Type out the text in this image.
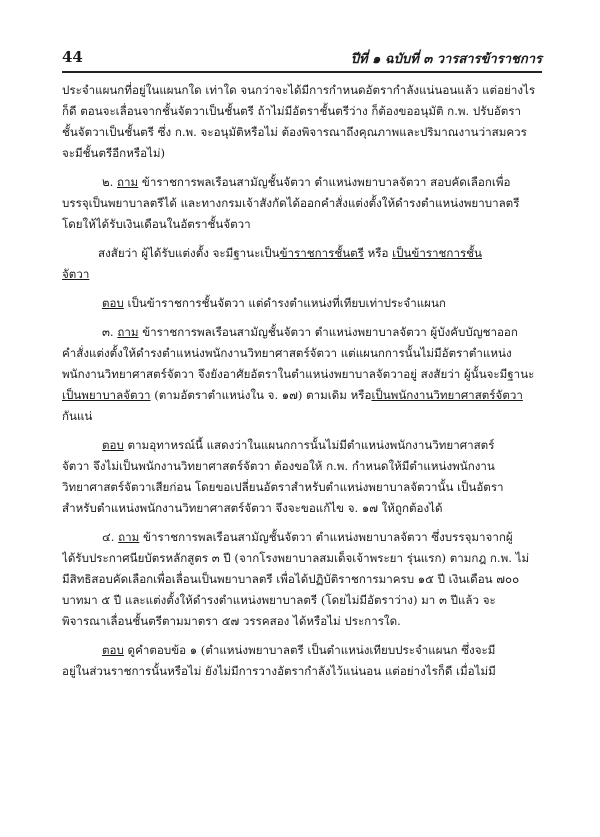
44	ปีที่ ๑ ฉบับที่ ๓ วารสารข้าราชการ
ประจำแผนกที่อยู่ในแผนกใด เท่าใด จนกว่าจะได้มีการกำหนดอัตรากำลังแน่นอนแล้ว แต่อย่างไร
ก็ดี ตอนจะเลื่อนจากชั้นจัตวาเป็นชั้นตรี ถ้าไม่มีอัตราชั้นตรีว่าง ก็ต้องขออนุมัติ ก.พ. ปรับอัตรา
ชั้นจัตวาเป็นชั้นตรี ซึ่ง ก.พ. จะอนุมัติหรือไม่ ต้องพิจารณาถึงคุณภาพและปริมาณงานว่าสมควร
จะมีชั้นตรีอีกหรือไม่)
๒. ถาม ข้าราชการพลเรือนสามัญชั้นจัตวา ตำแหน่งพยาบาลจัตวา สอบคัดเลือกเพื่อ
บรรจุเป็นพยาบาลตรีได้ และทางกรมเจ้าสังกัดได้ออกคำสั่งแต่งตั้งให้ดำรงตำแหน่งพยาบาลตรี
โดยให้ได้รับเงินเดือนในอัตราชั้นจัตวา
สงสัยว่า ผู้ได้รับแต่งตั้ง จะมีฐานะเป็นข้าราชการชั้นตรี หรือ เป็นข้าราชการชั้น
จัตวา
ตอบ เป็นข้าราชการชั้นจัตวา แต่ดำรงตำแหน่งที่เทียบเท่าประจำแผนก
๓. ถาม ข้าราชการพลเรือนสามัญชั้นจัตวา ตำแหน่งพยาบาลจัตวา ผู้บังคับบัญชาออก
คำสั่งแต่งตั้งให้ดำรงตำแหน่งพนักงานวิทยาศาสตร์จัตวา แต่แผนกการนั้นไม่มีอัตราตำแหน่ง
พนักงานวิทยาศาสตร์จัตวา จึงยังอาศัยอัตราในตำแหน่งพยาบาลจัตวาอยู่ สงสัยว่า ผู้นั้นจะมีฐานะ
เป็นพยาบาลจัตวา (ตามอัตราตำแหน่งใน จ. ๑๗) ตามเดิม หรือเป็นพนักงานวิทยาศาสตร์จัตวา
กันแน่
ตอบ ตามอุทาหรณ์นี้ แสดงว่าในแผนกการนั้นไม่มีตำแหน่งพนักงานวิทยาศาสตร์
จัตวา จึงไม่เป็นพนักงานวิทยาศาสตร์จัตวา ต้องขอให้ ก.พ. กำหนดให้มีตำแหน่งพนักงาน
วิทยาศาสตร์จัตวาเสียก่อน โดยขอเปลี่ยนอัตราสำหรับตำแหน่งพยาบาลจัตวานั้น เป็นอัตรา
สำหรับตำแหน่งพนักงานวิทยาศาสตร์จัตวา จึงจะขอแก้ไข จ. ๑๗ ให้ถูกต้องได้
๔. ถาม ข้าราชการพลเรือนสามัญชั้นจัตวา ตำแหน่งพยาบาลจัตวา ซึ่งบรรจุมาจากผู้
ได้รับประกาศนียบัตรหลักสูตร ๓ ปี (จากโรงพยาบาลสมเด็จเจ้าพระยา รุ่นแรก) ตามกฎ ก.พ. ไม่
มีสิทธิสอบคัดเลือกเพื่อเลื่อนเป็นพยาบาลตรี เพื่อได้ปฏิบัติราชการมาครบ ๑๕ ปี เงินเดือน ๗๐๐
บาทมา ๕ ปี และแต่งตั้งให้ดำรงตำแหน่งพยาบาลตรี (โดยไม่มีอัตราว่าง) มา ๓ ปีแล้ว จะ
พิจารณาเลื่อนชั้นตรีตามมาตรา ๕๗ วรรคสอง ได้หรือไม่ ประการใด.
ตอบ ดูคำตอบข้อ ๑ (ตำแหน่งพยาบาลตรี เป็นตำแหน่งเทียบประจำแผนก ซึ่งจะมี
อยู่ในส่วนราชการนั้นหรือไม่ ยังไม่มีการวางอัตรากำลังไว้แน่นอน แต่อย่างไรก็ดี เมื่อไม่มี
